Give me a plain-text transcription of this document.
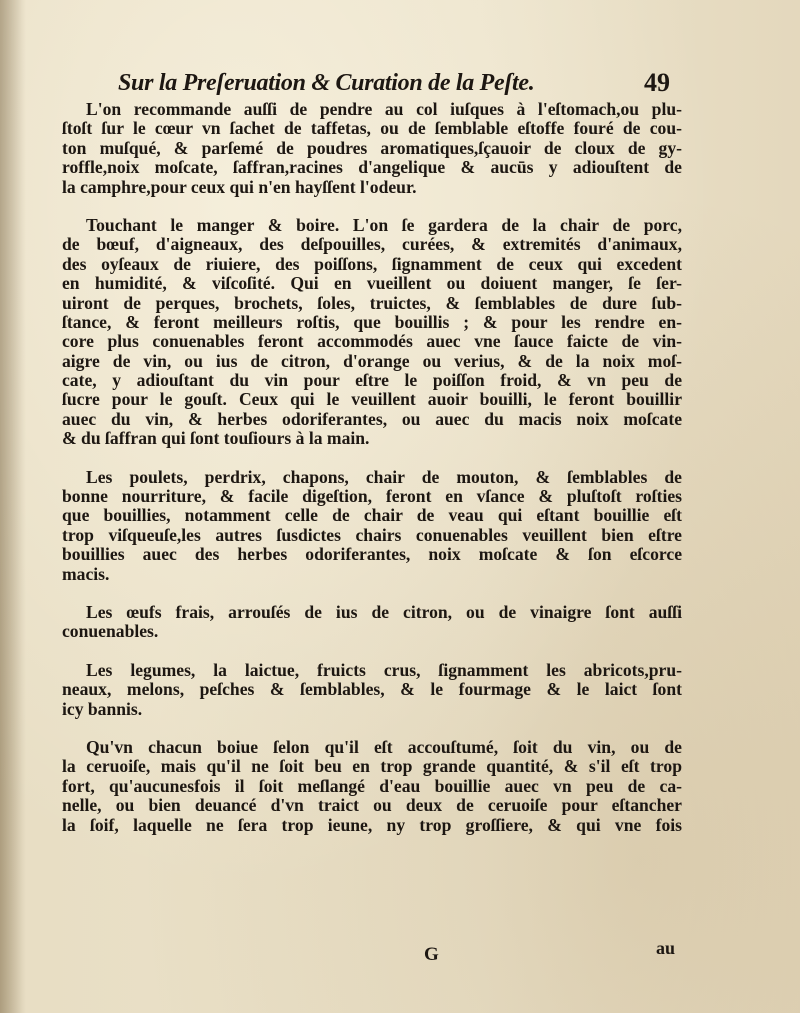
Sur la Preſeruation & Curation de la Peſte.	49
L'on recommande auſſi de pendre au col iuſques à l'eſtomach,ou plu-
ſtoſt ſur le cœur vn ſachet de taffetas, ou de ſemblable eſtoffe fouré de cou-
ton muſqué, & parſemé de poudres aromatiques,ſçauoir de cloux de gy-
roffle,noix moſcate, ſaffran,racines d'angelique & aucūs y adiouſtent de
la camphre,pour ceux qui n'en hayſſent l'odeur.
Touchant le manger & boire. L'on ſe gardera de la chair de porc,
de bœuf, d'aigneaux, des deſpouilles, curées, & extremités d'animaux,
des oyſeaux de riuiere, des poiſſons, ſignamment de ceux qui excedent
en humidité, & viſcoſité. Qui en vueillent ou doiuent manger, ſe ſer-
uiront de perques, brochets, ſoles, truictes, & ſemblables de dure ſub-
ſtance, & feront meilleurs roſtis, que bouillis ; & pour les rendre en-
core plus conuenables feront accommodés auec vne ſauce faicte de vin-
aigre de vin, ou ius de citron, d'orange ou verius, & de la noix moſ-
cate, y adiouſtant du vin pour eſtre le poiſſon froid, & vn peu de
ſucre pour le gouſt. Ceux qui le veuillent auoir bouilli, le feront bouillir
auec du vin, & herbes odoriferantes, ou auec du macis noix moſcate
& du ſaffran qui ſont touſiours à la main.
Les poulets, perdrix, chapons, chair de mouton, & ſemblables de
bonne nourriture, & facile digeſtion, feront en vſance & pluſtoſt roſties
que bouillies, notamment celle de chair de veau qui eſtant bouillie eſt
trop viſqueuſe,les autres ſusdictes chairs conuenables veuillent bien eſtre
bouillies auec des herbes odoriferantes, noix moſcate & ſon eſcorce
macis.
Les œufs frais, arrouſés de ius de citron, ou de vinaigre ſont auſſi
conuenables.
Les legumes, la laictue, fruicts crus, ſignamment les abricots,pru-
neaux, melons, peſches & ſemblables, & le fourmage & le laict ſont
icy bannis.
Qu'vn chacun boiue ſelon qu'il eſt accouſtumé, ſoit du vin, ou de
la ceruoiſe, mais qu'il ne ſoit beu en trop grande quantité, & s'il eſt trop
fort, qu'aucunesfois il ſoit meſlangé d'eau bouillie auec vn peu de ca-
nelle, ou bien deuancé d'vn traict ou deux de ceruoiſe pour eſtancher
la ſoif, laquelle ne ſera trop ieune, ny trop groſſiere, & qui vne fois
G	au
